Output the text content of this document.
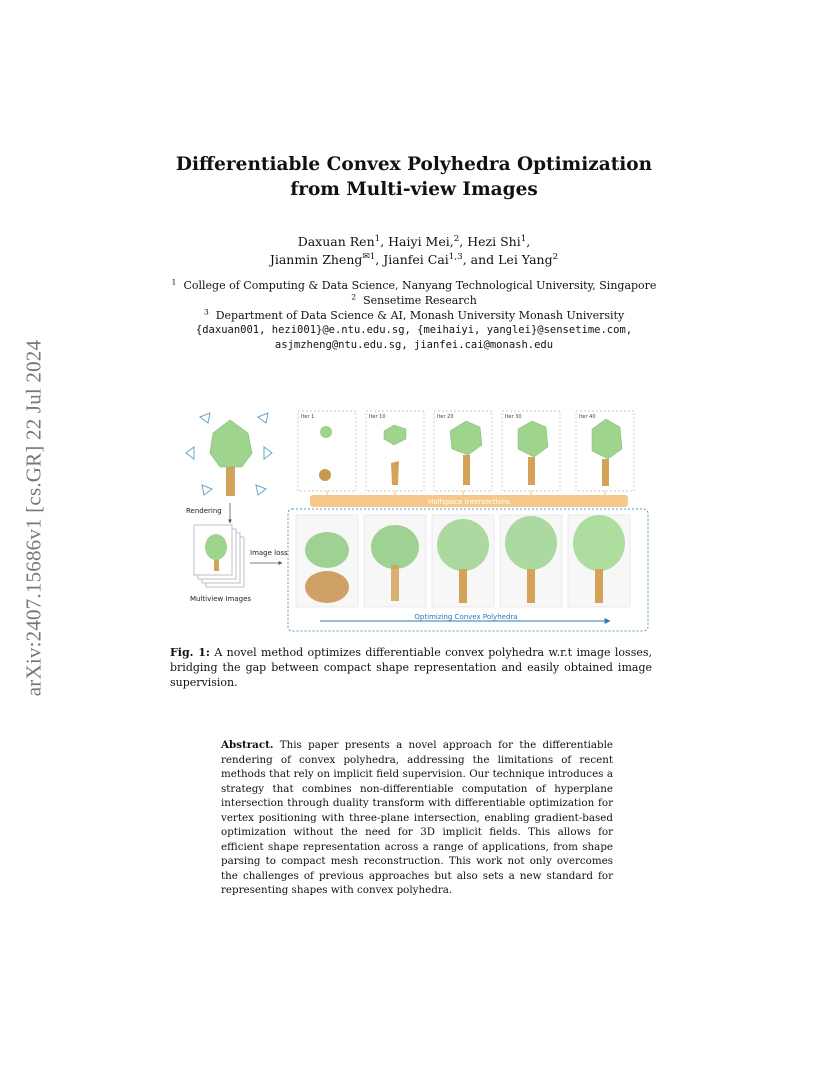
arXiv:2407.15686v1 [cs.GR] 22 Jul 2024
Differentiable Convex Polyhedra Optimization
from Multi-view Images
Daxuan Ren$^1$, Haiyi Mei,$^2$, Hezi Shi$^1$,
Jianmin Zheng$^{✉1}$, Jianfei Cai$^{1,3}$, and Lei Yang$^2$
$^1$ College of Computing & Data Science, Nanyang Technological University, Singapore
$^2$ Sensetime Research
$^3$ Department of Data Science & AI, Monash University Monash University
{daxuan001, hezi001}@e.ntu.edu.sg, {meihaiyi, yanglei}@sensetime.com,
asjmzheng@ntu.edu.sg, jianfei.cai@monash.edu
Rendering
Multiview Images
Image loss
Iter 1	Iter 10	Iter 20	Iter 30	Iter 40
Halfspace intersections
Optimizing Convex Polyhedra
Fig. 1: A novel method optimizes differentiable convex polyhedra w.r.t image losses, bridging the gap between compact shape representation and easily obtained image supervision.
Abstract. This paper presents a novel approach for the differentiable rendering of convex polyhedra, addressing the limitations of recent methods that rely on implicit field supervision. Our technique introduces a strategy that combines non-differentiable computation of hyperplane intersection through duality transform with differentiable optimization for vertex positioning with three-plane intersection, enabling gradient-based optimization without the need for 3D implicit fields. This allows for efficient shape representation across a range of applications, from shape parsing to compact mesh reconstruction. This work not only overcomes the challenges of previous approaches but also sets a new standard for representing shapes with convex polyhedra.
